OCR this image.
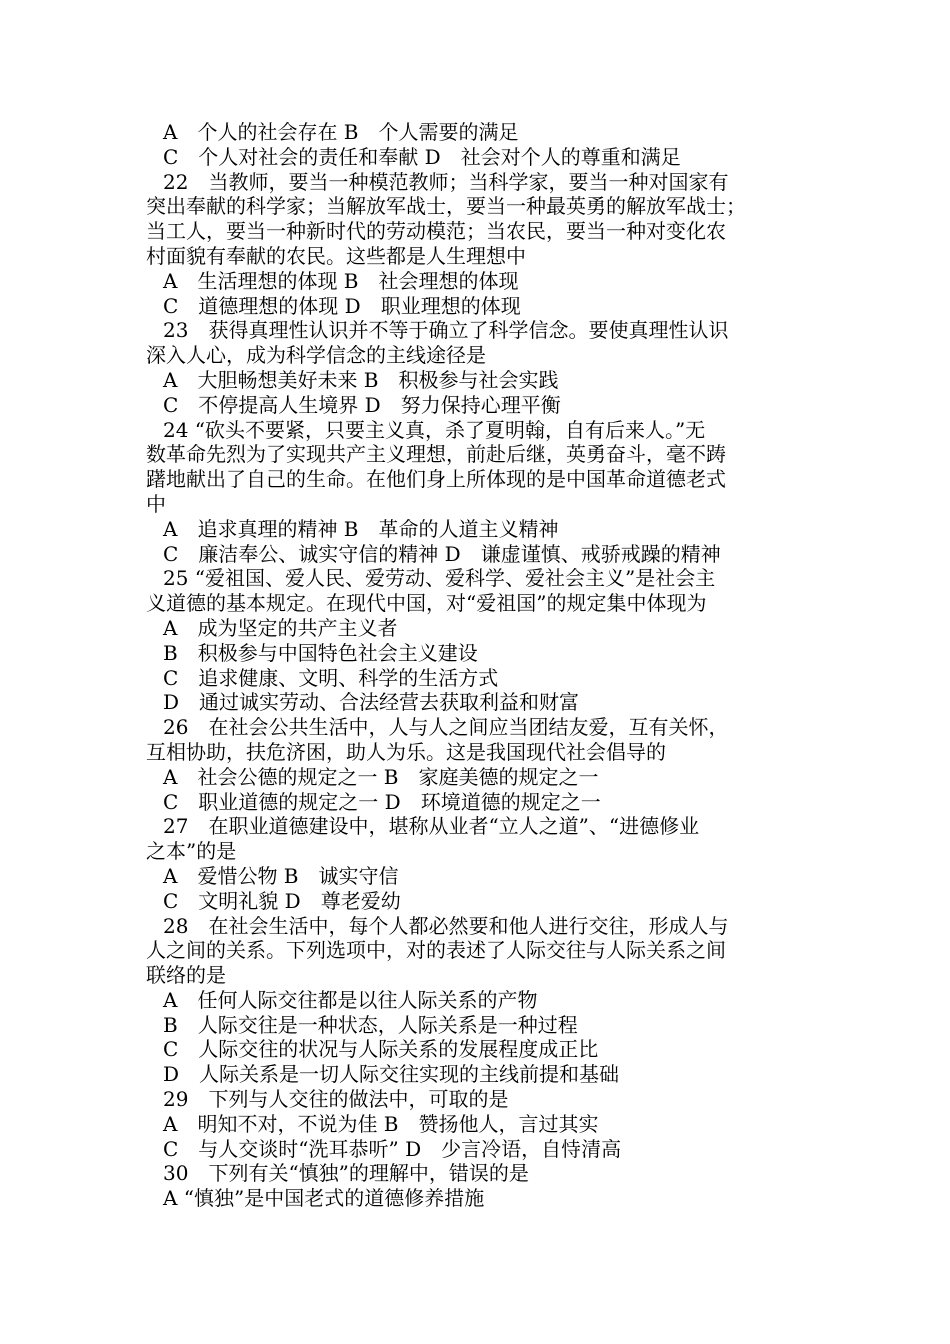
A　个人的社会存在 B　个人需要的满足
C　个人对社会的责任和奉献 D　社会对个人的尊重和满足
22　当教师，要当一种模范教师；当科学家，要当一种对国家有
突出奉献的科学家；当解放军战士，要当一种最英勇的解放军战士；
当工人，要当一种新时代的劳动模范；当农民，要当一种对变化农
村面貌有奉献的农民。这些都是人生理想中
A　生活理想的体现 B　社会理想的体现
C　道德理想的体现 D　职业理想的体现
23　获得真理性认识并不等于确立了科学信念。要使真理性认识
深入人心，成为科学信念的主线途径是
A　大胆畅想美好未来 B　积极参与社会实践
C　不停提高人生境界 D　努力保持心理平衡
24 “砍头不要紧，只要主义真，杀了夏明翰，自有后来人。”无
数革命先烈为了实现共产主义理想，前赴后继，英勇奋斗，毫不踌
躇地献出了自己的生命。在他们身上所体现的是中国革命道德老式
中
A　追求真理的精神 B　革命的人道主义精神
C　廉洁奉公、诚实守信的精神 D　谦虚谨慎、戒骄戒躁的精神
25 “爱祖国、爱人民、爱劳动、爱科学、爱社会主义”是社会主
义道德的基本规定。在现代中国，对“爱祖国”的规定集中体现为
A　成为坚定的共产主义者
B　积极参与中国特色社会主义建设
C　追求健康、文明、科学的生活方式
D　通过诚实劳动、合法经营去获取利益和财富
26　在社会公共生活中，人与人之间应当团结友爱，互有关怀，
互相协助，扶危济困，助人为乐。这是我国现代社会倡导的
A　社会公德的规定之一 B　家庭美德的规定之一
C　职业道德的规定之一 D　环境道德的规定之一
27　在职业道德建设中，堪称从业者“立人之道”、“进德修业
之本”的是
A　爱惜公物 B　诚实守信
C　文明礼貌 D　尊老爱幼
28　在社会生活中，每个人都必然要和他人进行交往，形成人与
人之间的关系。下列选项中，对的表述了人际交往与人际关系之间
联络的是
A　任何人际交往都是以往人际关系的产物
B　人际交往是一种状态，人际关系是一种过程
C　人际交往的状况与人际关系的发展程度成正比
D　人际关系是一切人际交往实现的主线前提和基础
29　下列与人交往的做法中，可取的是
A　明知不对，不说为佳 B　赞扬他人，言过其实
C　与人交谈时“洗耳恭听” D　少言冷语，自恃清高
30　下列有关“慎独”的理解中，错误的是
A “慎独”是中国老式的道德修养措施
